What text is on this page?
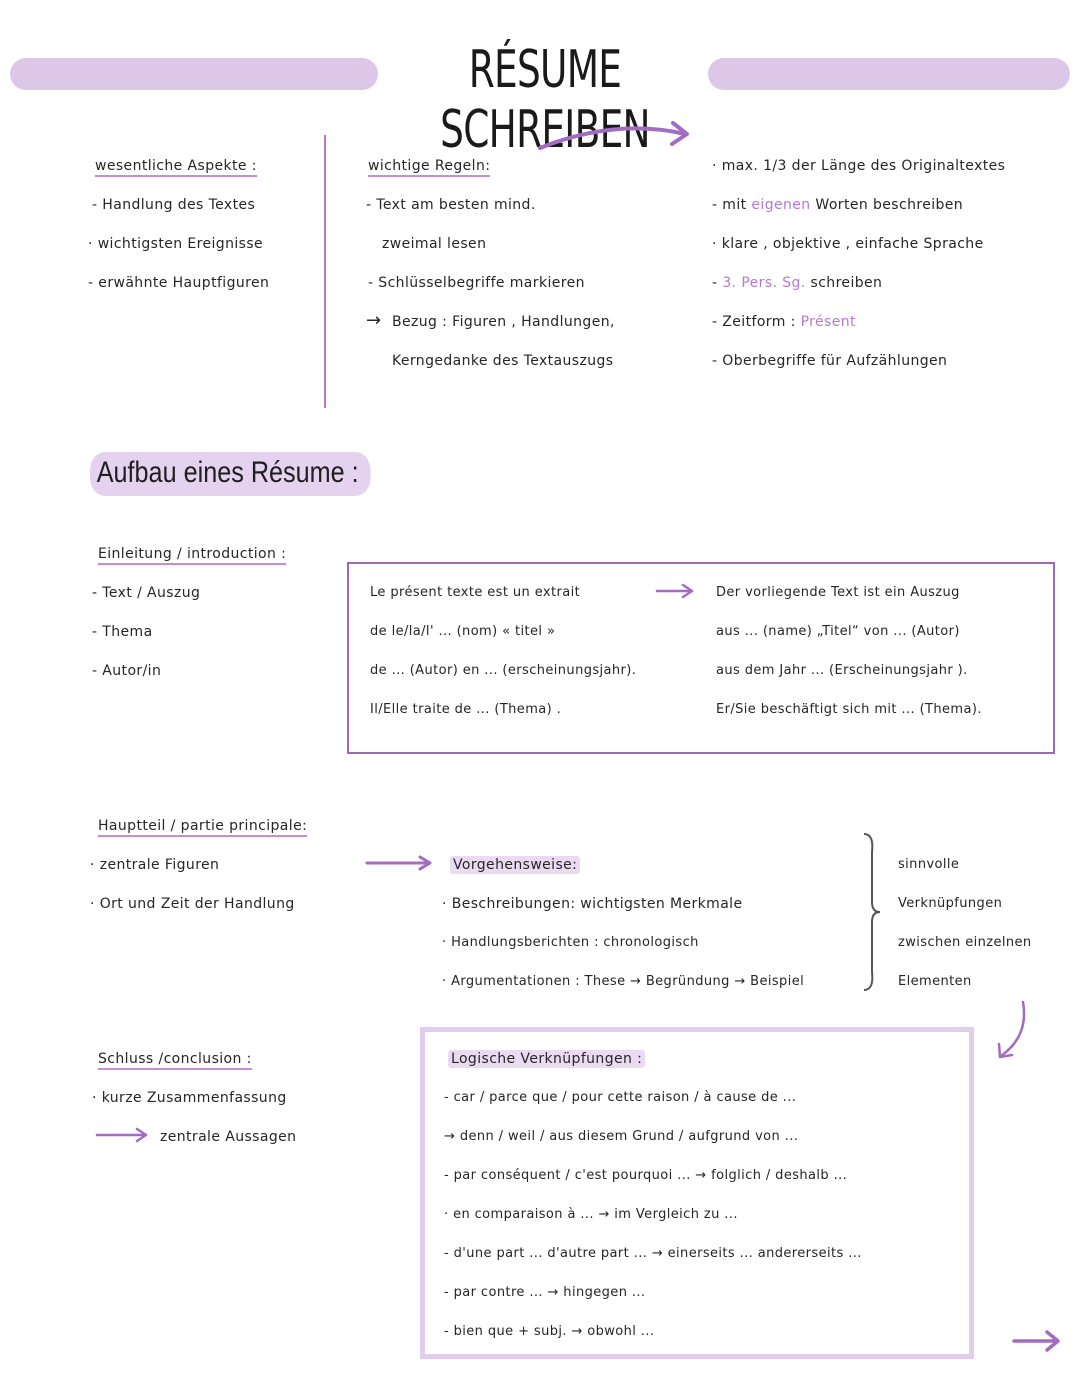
RÉSUME SCHREIBEN
wesentliche Aspekte :
- Handlung des Textes
· wichtigsten Ereignisse
- erwähnte Hauptfiguren
wichtige Regeln:
- Text am besten mind.
zweimal lesen
- Schlüsselbegriffe markieren
→ Bezug : Figuren , Handlungen,
Kerngedanke des Textauszugs
· max. 1/3 der Länge des Originaltextes
- mit eigenen Worten beschreiben
· klare , objektive , einfache Sprache
- 3. Pers. Sg. schreiben
- Zeitform : Présent
- Oberbegriffe für Aufzählungen
Aufbau eines Résume :
Einleitung / introduction :
- Text / Auszug
- Thema
- Autor/in
Le présent texte est un extrait
de le/la/l' ... (nom) « titel »
de ... (Autor) en ... (erscheinungsjahr).
Il/Elle traite de ... (Thema) .
Der vorliegende Text ist ein Auszug
aus ... (name) „Titel“ von ... (Autor)
aus dem Jahr ... (Erscheinungsjahr ).
Er/Sie beschäftigt sich mit ... (Thema).
Hauptteil / partie principale:
· zentrale Figuren
· Ort und Zeit der Handlung
Vorgehensweise:
· Beschreibungen: wichtigsten Merkmale
· Handlungsberichten : chronologisch
· Argumentationen : These → Begründung → Beispiel
sinnvolle
Verknüpfungen
zwischen einzelnen
Elementen
Schluss /conclusion :
· kurze Zusammenfassung
zentrale Aussagen
Logische Verknüpfungen :
- car / parce que / pour cette raison / à cause de ...
→ denn / weil / aus diesem Grund / aufgrund von ...
- par conséquent / c'est pourquoi ... → folglich / deshalb ...
· en comparaison à ... → im Vergleich zu ...
- d'une part ... d'autre part ... → einerseits ... andererseits ...
- par contre ... → hingegen ...
- bien que + subj. → obwohl ...
